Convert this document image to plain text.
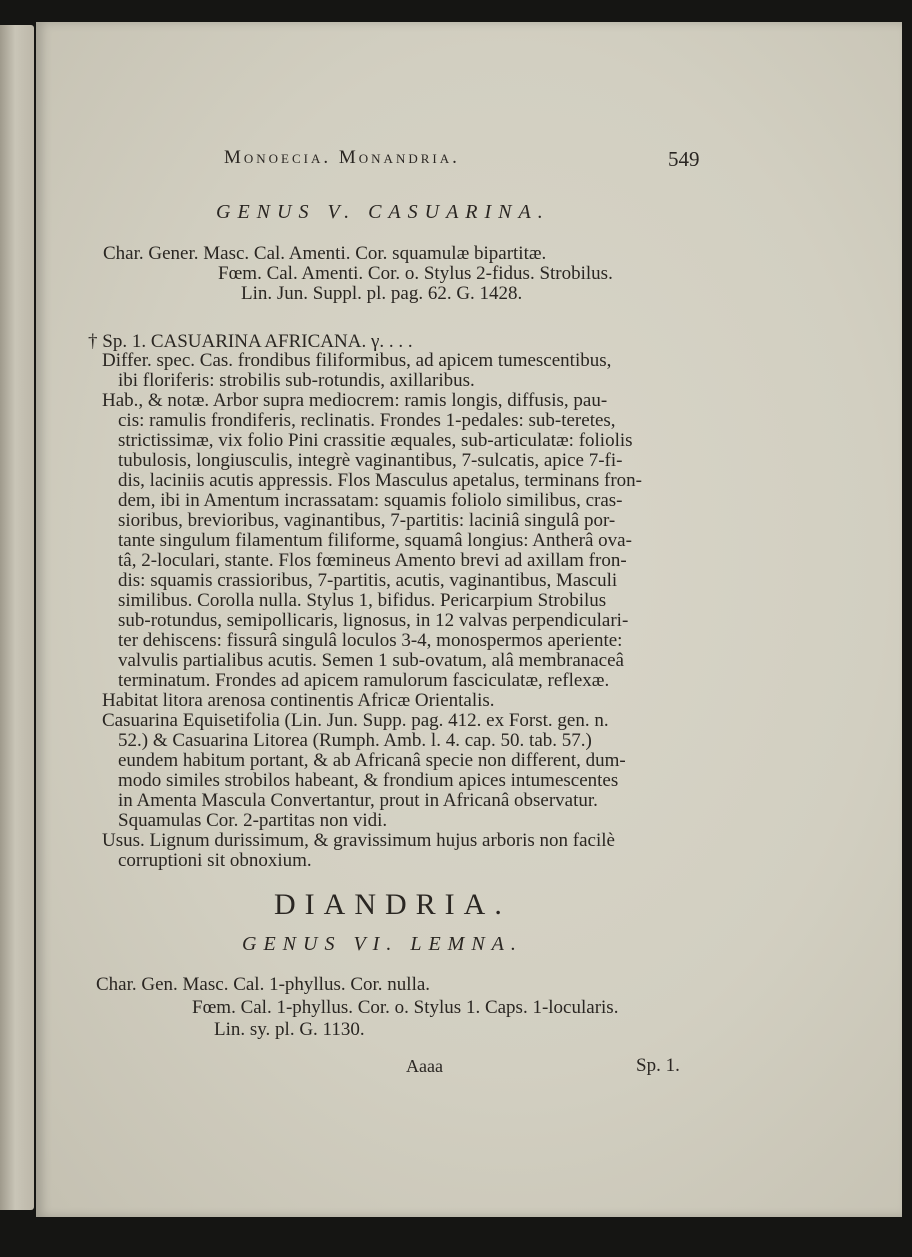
Monoecia. Monandria.	549
GENUS V. CASUARINA.
Char. Gener. Masc. Cal. Amenti. Cor. squamulæ bipartitæ.
Fœm. Cal. Amenti. Cor. o. Stylus 2-fidus. Strobilus.
Lin. Jun. Suppl. pl. pag. 62. G. 1428.
† Sp. 1. CASUARINA AFRICANA. γ. . . .
Differ. spec. Cas. frondibus filiformibus, ad apicem tumescentibus,
ibi floriferis: strobilis sub-rotundis, axillaribus.
Hab., & notæ. Arbor supra mediocrem: ramis longis, diffusis, pau-
cis: ramulis frondiferis, reclinatis. Frondes 1-pedales: sub-teretes,
strictissimæ, vix folio Pini crassitie æquales, sub-articulatæ: foliolis
tubulosis, longiusculis, integrè vaginantibus, 7-sulcatis, apice 7-fi-
dis, laciniis acutis appressis. Flos Masculus apetalus, terminans fron-
dem, ibi in Amentum incrassatam: squamis foliolo similibus, cras-
sioribus, brevioribus, vaginantibus, 7-partitis: laciniâ singulâ por-
tante singulum filamentum filiforme, squamâ longius: Antherâ ova-
tâ, 2-loculari, stante. Flos fœmineus Amento brevi ad axillam fron-
dis: squamis crassioribus, 7-partitis, acutis, vaginantibus, Masculi
similibus. Corolla nulla. Stylus 1, bifidus. Pericarpium Strobilus
sub-rotundus, semipollicaris, lignosus, in 12 valvas perpendiculari-
ter dehiscens: fissurâ singulâ loculos 3-4, monospermos aperiente:
valvulis partialibus acutis. Semen 1 sub-ovatum, alâ membranaceâ
terminatum. Frondes ad apicem ramulorum fasciculatæ, reflexæ.
Habitat litora arenosa continentis Africæ Orientalis.
Casuarina Equisetifolia (Lin. Jun. Supp. pag. 412. ex Forst. gen. n.
52.) & Casuarina Litorea (Rumph. Amb. l. 4. cap. 50. tab. 57.)
eundem habitum portant, & ab Africanâ specie non different, dum-
modo similes strobilos habeant, & frondium apices intumescentes
in Amenta Mascula Convertantur, prout in Africanâ observatur.
Squamulas Cor. 2-partitas non vidi.
Usus. Lignum durissimum, & gravissimum hujus arboris non facilè
corruptioni sit obnoxium.
DIANDRIA.
GENUS VI. LEMNA.
Char. Gen. Masc. Cal. 1-phyllus. Cor. nulla.
Fœm. Cal. 1-phyllus. Cor. o. Stylus 1. Caps. 1-locularis.
Lin. sy. pl. G. 1130.
Aaaa	Sp. 1.
